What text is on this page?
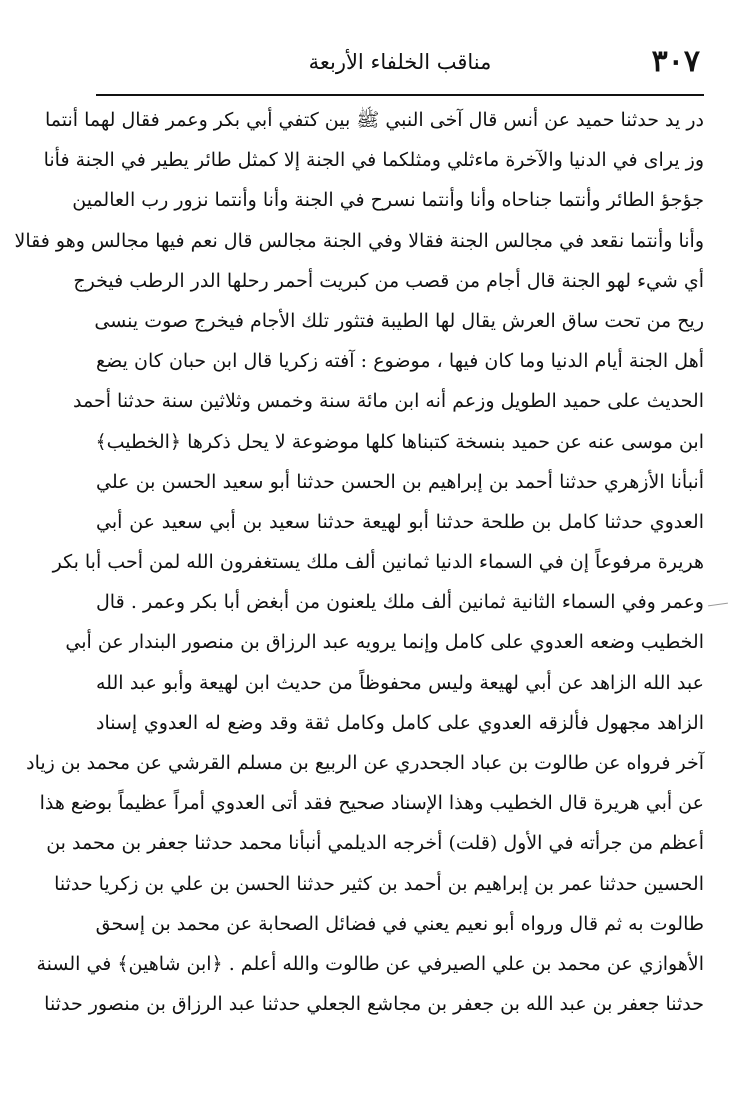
٣٠٧
مناقب الخلفاء الأربعة
در يد حدثنا حميد عن أنس قال آخى النبي ﷺ بين كتفي أبي بكر وعمر فقال لهما أنتما
وز يراى في الدنيا والآخرة ماءثلي ومثلكما في الجنة إلا كمثل طائر يطير في الجنة فأنا
جؤجؤ الطائر وأنتما جناحاه وأنا وأنتما نسرح في الجنة وأنا وأنتما نزور رب العالمين
وأنا وأنتما نقعد في مجالس الجنة فقالا وفي الجنة مجالس قال نعم فيها مجالس وهو فقالا
أي شيء لهو الجنة قال أجام من قصب من كبريت أحمر رحلها الدر الرطب فيخرج
ريح من تحت ساق العرش يقال لها الطيبة فتثور تلك الأجام فيخرج صوت ينسى
أهل الجنة أيام الدنيا وما كان فيها ، موضوع : آفته زكريا قال ابن حبان كان يضع
الحديث على حميد الطويل وزعم أنه ابن مائة سنة وخمس وثلاثين سنة حدثنا أحمد
ابن موسى عنه عن حميد بنسخة كتبناها كلها موضوعة لا يحل ذكرها ﴿الخطيب﴾
أنبأنا الأزهري حدثنا أحمد بن إبراهيم بن الحسن حدثنا أبو سعيد الحسن بن علي
العدوي حدثنا كامل بن طلحة حدثنا أبو لهيعة حدثنا سعيد بن أبي سعيد عن أبي
هريرة مرفوعاً إن في السماء الدنيا ثمانين ألف ملك يستغفرون الله لمن أحب أبا بكر
وعمر وفي السماء الثانية ثمانين ألف ملك يلعنون من أبغض أبا بكر وعمر . قال
الخطيب وضعه العدوي على كامل وإنما يرويه عبد الرزاق بن منصور البندار عن أبي
عبد الله الزاهد عن أبي لهيعة وليس محفوظاً من حديث ابن لهيعة وأبو عبد الله
الزاهد مجهول فألزقه العدوي على كامل وكامل ثقة وقد وضع له العدوي إسناد
آخر فرواه عن طالوت بن عباد الجحدري عن الربيع بن مسلم القرشي عن محمد بن زياد
عن أبي هريرة قال الخطيب وهذا الإسناد صحيح فقد أتى العدوي أمراً عظيماً بوضع هذا
أعظم من جرأته في الأول (قلت) أخرجه الديلمي أنبأنا محمد حدثنا جعفر بن محمد بن
الحسين حدثنا عمر بن إبراهيم بن أحمد بن كثير حدثنا الحسن بن علي بن زكريا حدثنا
طالوت به ثم قال ورواه أبو نعيم يعني في فضائل الصحابة عن محمد بن إسحق
الأهوازي عن محمد بن علي الصيرفي عن طالوت والله أعلم . ﴿ابن شاهين﴾ في السنة
حدثنا جعفر بن عبد الله بن جعفر بن مجاشع الجعلي حدثنا عبد الرزاق بن منصور حدثنا
